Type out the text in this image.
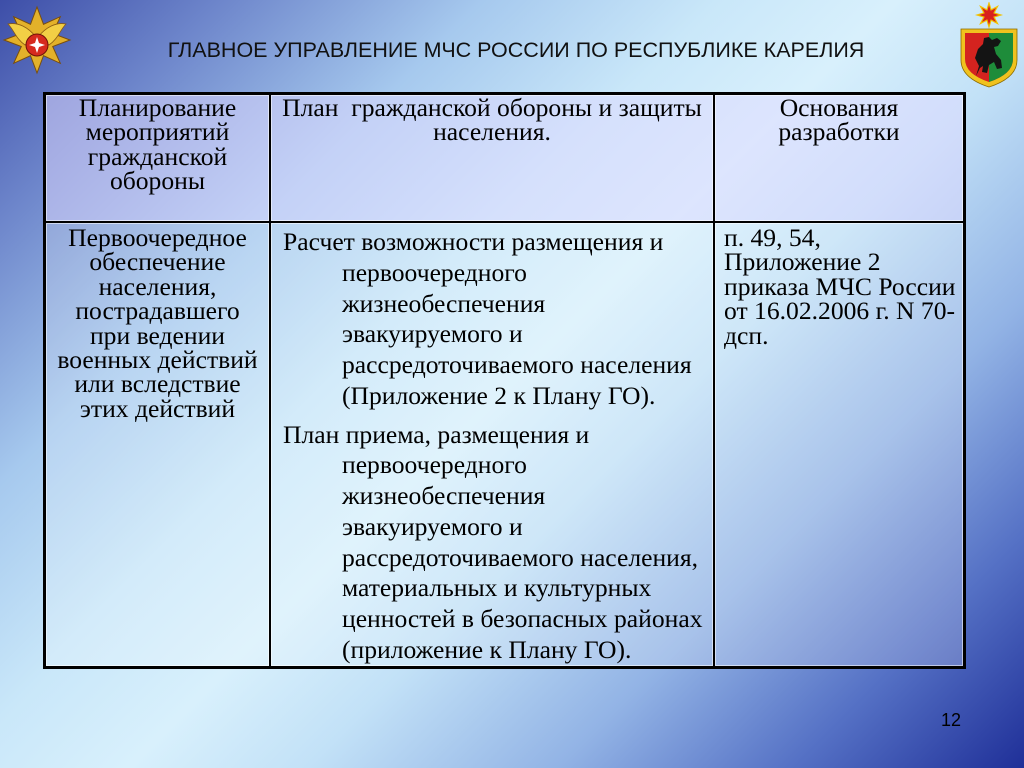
ГЛАВНОЕ УПРАВЛЕНИЕ МЧС РОССИИ ПО РЕСПУБЛИКЕ КАРЕЛИЯ
Планирование
мероприятий
гражданской
обороны
План  гражданской обороны и защиты
населения.
Основания
разработки
Первоочередное
обеспечение
населения,
пострадавшего
при ведении
военных действий
или вследствие
этих действий
Расчет возможности размещения и
первоочередного
жизнеобеспечения
эвакуируемого и
рассредоточиваемого населения
(Приложение 2 к Плану ГО).
План приема, размещения и
первоочередного
жизнеобеспечения
эвакуируемого и
рассредоточиваемого населения,
материальных и культурных
ценностей в безопасных районах
(приложение к Плану ГО).
п. 49, 54,
Приложение 2
приказа МЧС России
от 16.02.2006 г. N 70-
дсп.
12
